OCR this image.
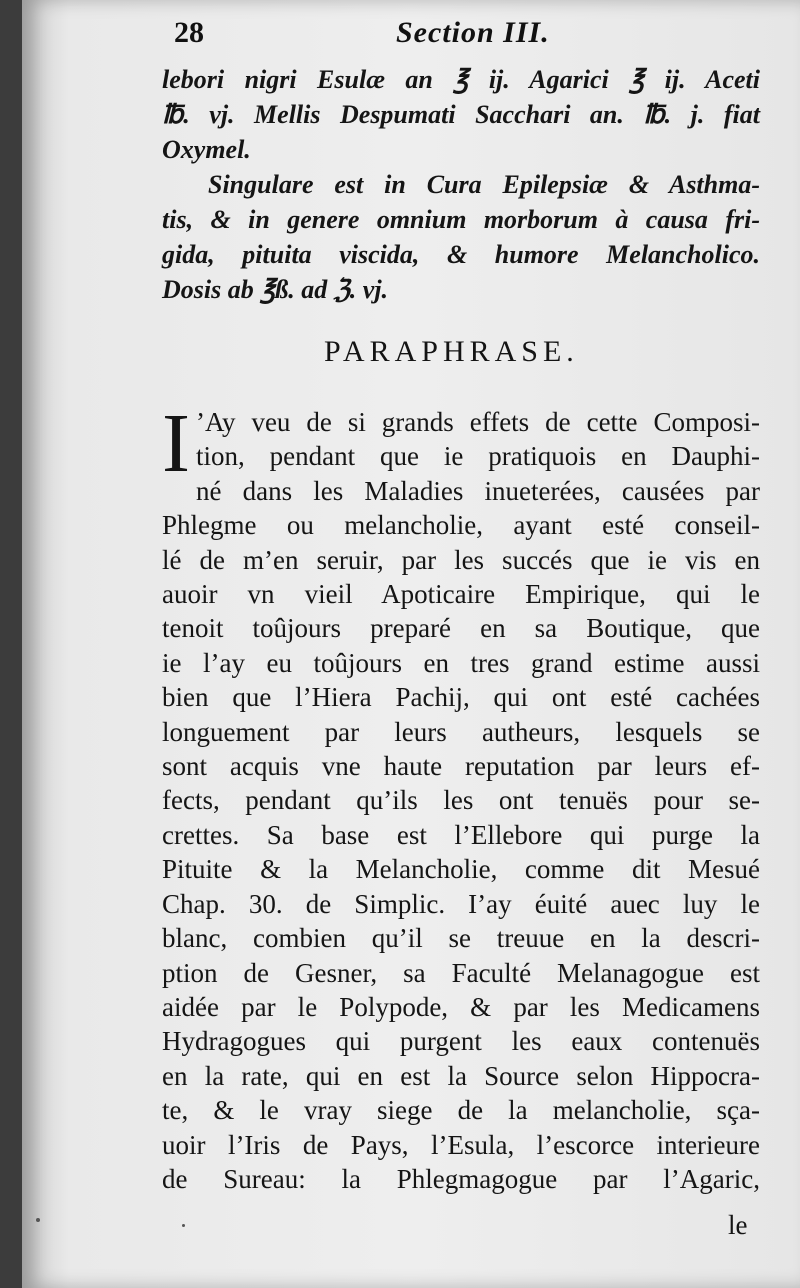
28	Section III.
lebori nigri Esulæ an ℥ ij. Agarici ℥ ij. Aceti
℔. vj. Mellis Despumati Sacchari an. ℔. j. fiat
Oxymel.
Singulare est in Cura Epilepsiæ & Asthma-
tis, & in genere omnium morborum à causa fri-
gida, pituita viscida, & humore Melancholico.
Dosis ab ℥ß. ad ℨ. vj.
PARAPHRASE.
I ’Ay veu de si grands effets de cette Composi-
tion, pendant que ie pratiquois en Dauphi-
né dans les Maladies inueterées, causées par
Phlegme ou melancholie, ayant esté conseil-
lé de m’en seruir, par les succés que ie vis en
auoir vn vieil Apoticaire Empirique, qui le
tenoit toûjours preparé en sa Boutique, que
ie l’ay eu toûjours en tres grand estime aussi
bien que l’Hiera Pachij, qui ont esté cachées
longuement par leurs autheurs, lesquels se
sont acquis vne haute reputation par leurs ef-
fects, pendant qu’ils les ont tenuës pour se-
crettes. Sa base est l’Ellebore qui purge la
Pituite & la Melancholie, comme dit Mesué
Chap. 30. de Simplic. I’ay éuité auec luy le
blanc, combien qu’il se treuue en la descri-
ption de Gesner, sa Faculté Melanagogue est
aidée par le Polypode, & par les Medicamens
Hydragogues qui purgent les eaux contenuës
en la rate, qui en est la Source selon Hippocra-
te, & le vray siege de la melancholie, sça-
uoir l’Iris de Pays, l’Esula, l’escorce interieure
de Sureau: la Phlegmagogue par l’Agaric,
le
